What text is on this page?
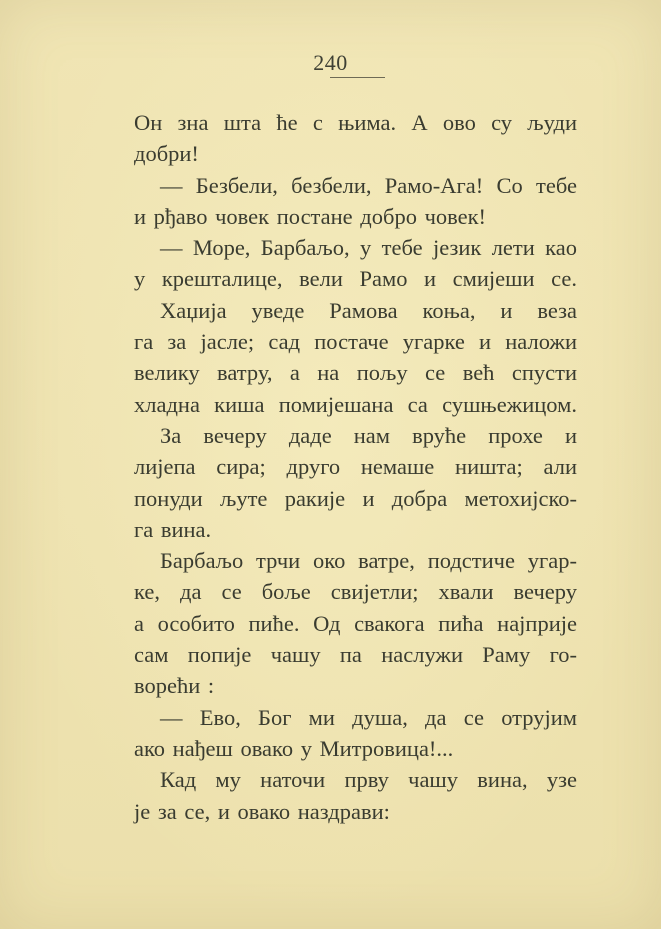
240
Он зна шта ће с њима. А ово су људи
добри!
— Безбели, безбели, Рамо-Ага! Со тебе
и рђаво човек постане добро човек!
— Море, Барбаљо, у тебе језик лети као
у крешталице, вели Рамо и смијеши се.
Хаџија уведе Рамова коња, и веза
га за јасле; сад постаче угарке и наложи
велику ватру, а на пољу се већ спусти
хладна киша помијешана са сушњежицом.
За вечеру даде нам вруће прохе и
лијепа сира; друго немаше ништа; али
понуди љуте ракије и добра метохијско-
га вина.
Барбаљо трчи око ватре, подстиче угар-
ке, да се боље свијетли; хвали вечеру
а особито пиће. Од свакога пића најприје
сам попије чашу па наслужи Раму го-
ворећи :
— Ево, Бог ми душа, да се отрујим
ако нађеш овако у Митровица!...
Кад му наточи прву чашу вина, узе
је за се, и овако наздрави:
